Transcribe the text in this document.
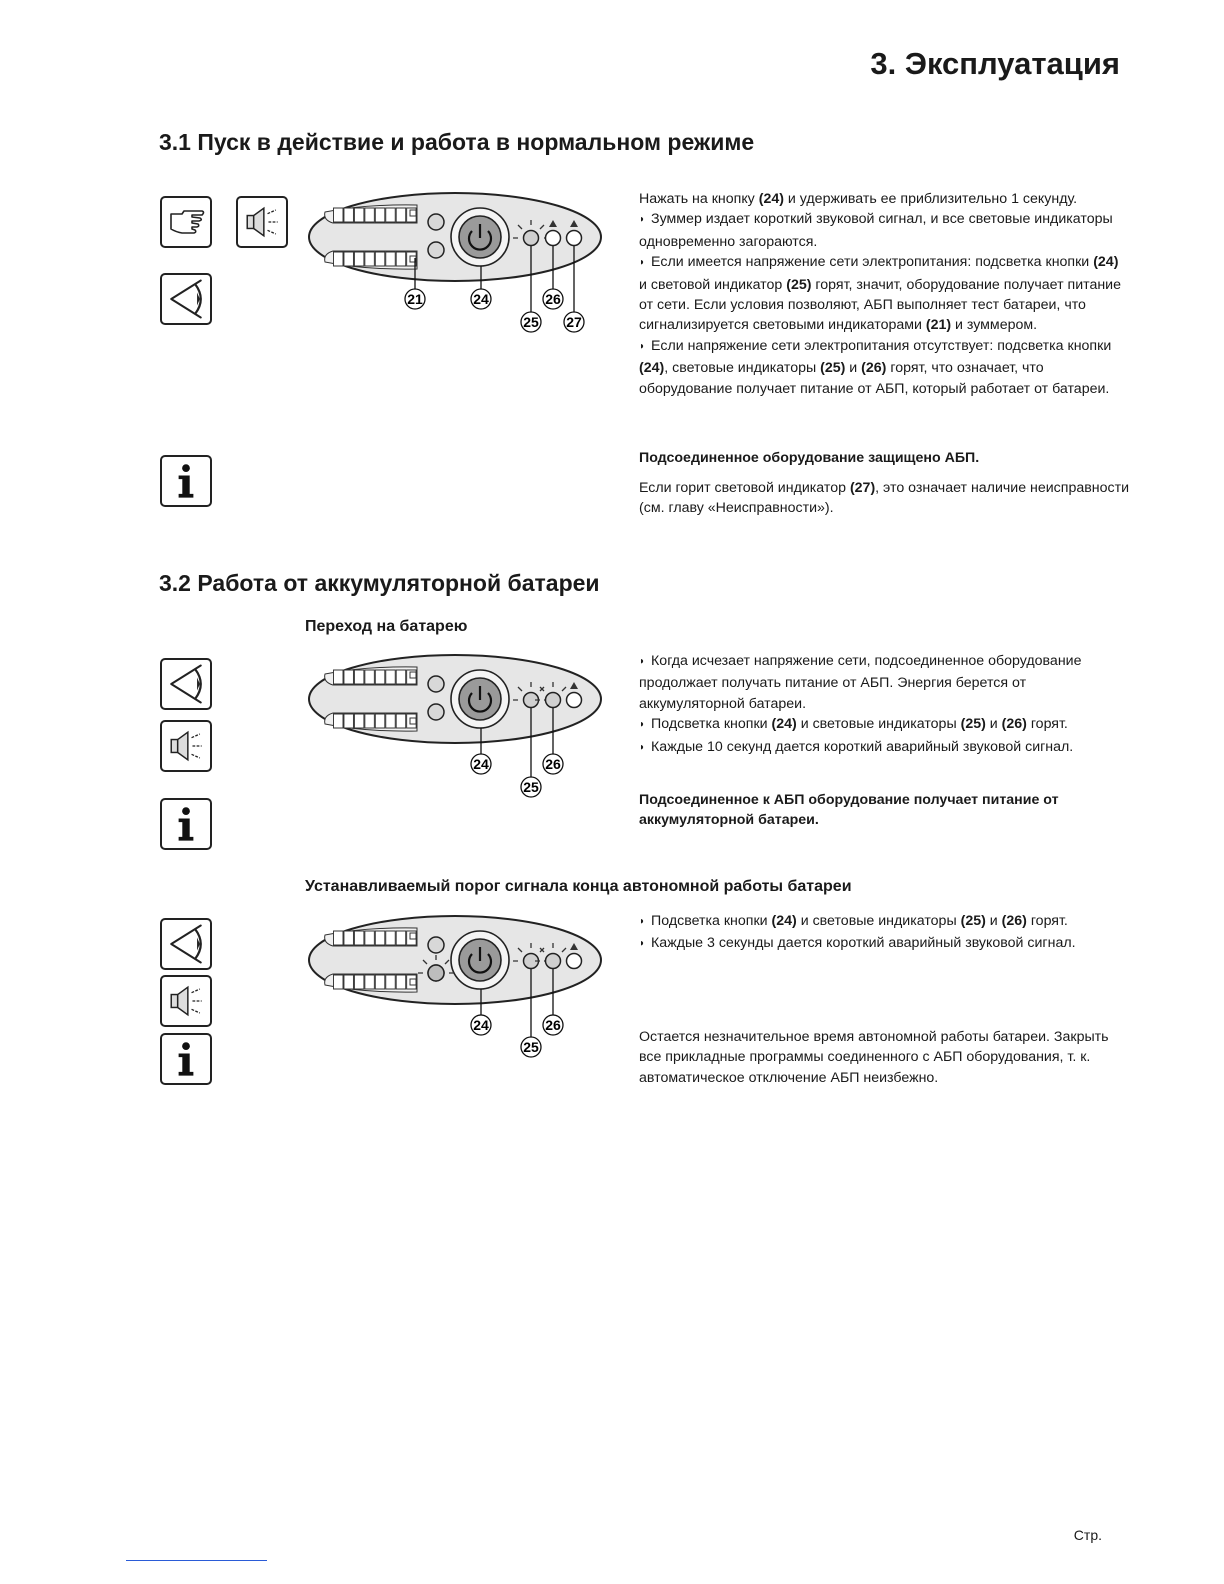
3. Эксплуатация
3.1 Пуск в действие и работа в нормальном режиме
21	24	26
25 27

Нажать на кнопку (24) и удерживать ее приблизительно 1 секунду.

◗ Зуммер издает короткий звуковой сигнал, и все световые индикаторы одновременно загораются.

◗ Если имеется напряжение сети электропитания: подсветка кнопки (24) и световой индикатор (25) горят, значит, оборудование получает питание от сети. Если условия позволяют, АБП выполняет тест батареи, что сигнализируется световыми индикаторами (21) и зуммером.

◗ Если напряжение сети электропитания отсутствует: подсветка кнопки (24), световые индикаторы (25) и (26) горят, что означает, что оборудование получает питание от АБП, который работает от батареи.

Подсоединенное оборудование защищено АБП.
Если горит световой индикатор (27), это означает наличие неисправности (см. главу «Неисправности»).
3.2 Работа от аккумуляторной батареи
Переход на батарею
24	26
25

◗ Когда исчезает напряжение сети, подсоединенное оборудование продолжает получать питание от АБП. Энергия берется от аккумуляторной батареи.

◗ Подсветка кнопки (24) и световые индикаторы (25) и (26) горят.

◗ Каждые 10 секунд дается короткий аварийный звуковой сигнал.

Подсоединенное к АБП оборудование получает питание от аккумуляторной батареи.
Устанавливаемый порог сигнала конца автономной работы батареи
24	26
25

◗ Подсветка кнопки (24) и световые индикаторы (25) и (26) горят.

◗ Каждые 3 секунды дается короткий аварийный звуковой сигнал.

Остается незначительное время автономной работы батареи. Закрыть все прикладные программы соединенного с АБП оборудования, т. к. автоматическое отключение АБП неизбежно.
Стр.
